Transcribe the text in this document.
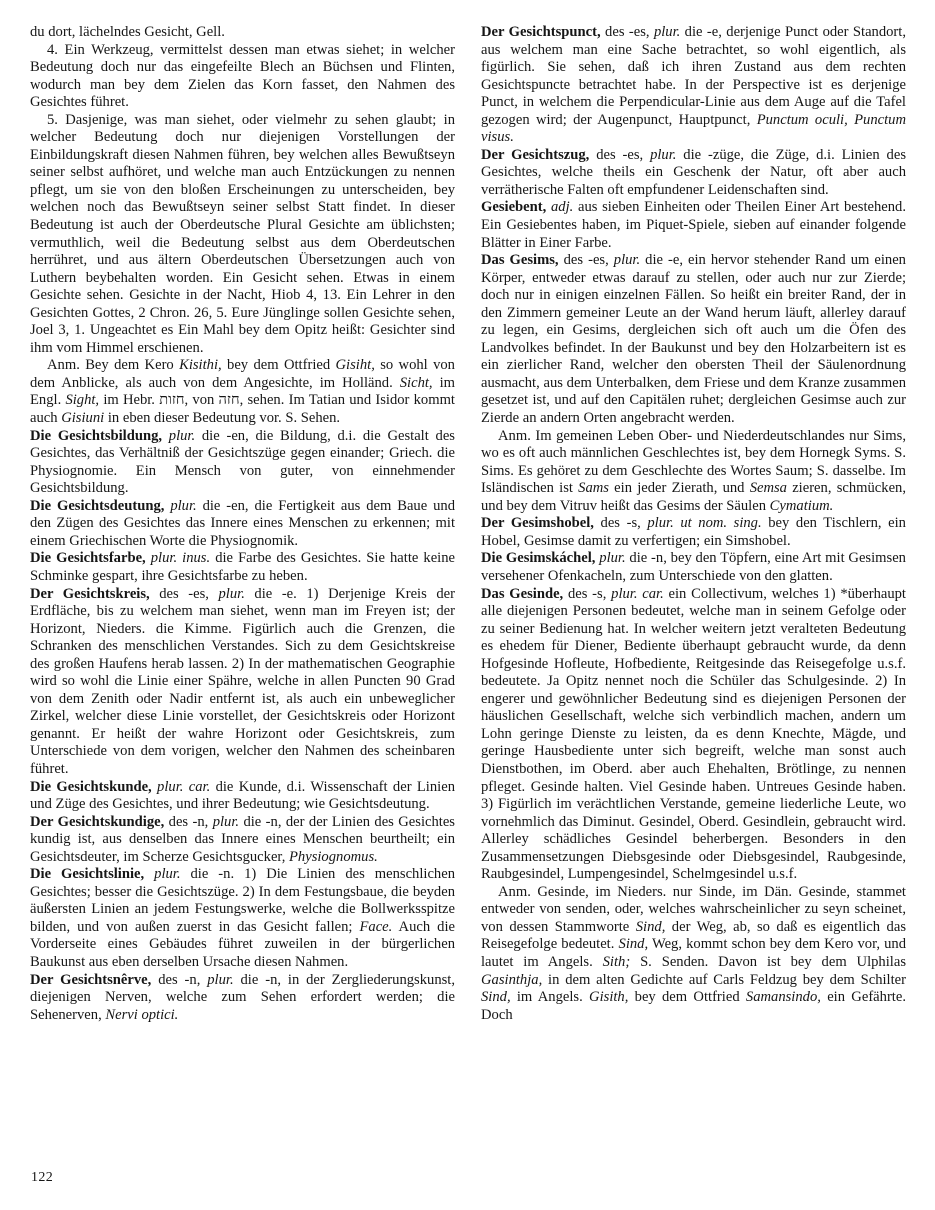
du dort, lächelndes Gesicht, Gell.

4. Ein Werkzeug, vermittelst dessen man etwas siehet; in welcher Bedeutung doch nur das eingefeilte Blech an Büchsen und Flinten, wodurch man bey dem Zielen das Korn fasset, den Nahmen des Gesichtes führet.

5. Dasjenige, was man siehet, oder vielmehr zu sehen glaubt; in welcher Bedeutung doch nur diejenigen Vorstellungen der Einbildungskraft diesen Nahmen führen, bey welchen alles Bewußtseyn seiner selbst aufhöret, und welche man auch Entzückungen zu nennen pflegt, um sie von den bloßen Erscheinungen zu unterscheiden, bey welchen noch das Bewußtseyn seiner selbst Statt findet. In dieser Bedeutung ist auch der Oberdeutsche Plural Gesichte am üblichsten; vermuthlich, weil die Bedeutung selbst aus dem Oberdeutschen herrühret, und aus ältern Oberdeutschen Übersetzungen auch von Luthern beybehalten worden. Ein Gesicht sehen. Etwas in einem Gesichte sehen. Gesichte in der Nacht, Hiob 4, 13. Ein Lehrer in den Gesichten Gottes, 2 Chron. 26, 5. Eure Jünglinge sollen Gesichte sehen, Joel 3, 1. Ungeachtet es Ein Mahl bey dem Opitz heißt: Gesichter sind ihm vom Himmel erschienen.

Anm. Bey dem Kero Kisithi, bey dem Ottfried Gisiht, so wohl von dem Anblicke, als auch von dem Angesichte, im Holländ. Sicht, im Engl. Sight, im Hebr. חזות, von חזה, sehen. Im Tatian und Isidor kommt auch Gisiuni in eben dieser Bedeutung vor. S. Sehen.

Die Gesichtsbildung, plur. die -en, die Bildung, d.i. die Gestalt des Gesichtes, das Verhältniß der Gesichtszüge gegen einander; Griech. die Physiognomie. Ein Mensch von guter, von einnehmender Gesichtsbildung.

Die Gesichtsdeutung, plur. die -en, die Fertigkeit aus dem Baue und den Zügen des Gesichtes das Innere eines Menschen zu erkennen; mit einem Griechischen Worte die Physiognomik.

Die Gesichtsfarbe, plur. inus. die Farbe des Gesichtes. Sie hatte keine Schminke gespart, ihre Gesichtsfarbe zu heben.

Der Gesichtskreis, des -es, plur. die -e. 1) Derjenige Kreis der Erdfläche, bis zu welchem man siehet, wenn man im Freyen ist; der Horizont, Nieders. die Kimme. Figürlich auch die Grenzen, die Schranken des menschlichen Verstandes. Sich zu dem Gesichtskreise des großen Haufens herab lassen. 2) In der mathematischen Geographie wird so wohl die Linie einer Spähre, welche in allen Puncten 90 Grad von dem Zenith oder Nadir entfernt ist, als auch ein unbeweglicher Zirkel, welcher diese Linie vorstellet, der Gesichtskreis oder Horizont genannt. Er heißt der wahre Horizont oder Gesichtskreis, zum Unterschiede von dem vorigen, welcher den Nahmen des scheinbaren führet.

Die Gesichtskunde, plur. car. die Kunde, d.i. Wissenschaft der Linien und Züge des Gesichtes, und ihrer Bedeutung; wie Gesichtsdeutung.

Der Gesichtskundige, des -n, plur. die -n, der der Linien des Gesichtes kundig ist, aus denselben das Innere eines Menschen beurtheilt; ein Gesichtsdeuter, im Scherze Gesichtsgucker, Physiognomus.

Die Gesichtslinie, plur. die -n. 1) Die Linien des menschlichen Gesichtes; besser die Gesichtszüge. 2) In dem Festungsbaue, die beyden äußersten Linien an jedem Festungswerke, welche die Bollwerksspitze bilden, und von außen zuerst in das Gesicht fallen; Face. Auch die Vorderseite eines Gebäudes führet zuweilen in der bürgerlichen Baukunst aus eben derselben Ursache diesen Nahmen.

Der Gesichtsnêrve, des -n, plur. die -n, in der Zergliederungskunst, diejenigen Nerven, welche zum Sehen erfordert werden; die Sehenerven, Nervi optici.

Der Gesichtspunct, des -es, plur. die -e, derjenige Punct oder Standort, aus welchem man eine Sache betrachtet, so wohl eigentlich, als figürlich. Sie sehen, daß ich ihren Zustand aus dem rechten Gesichtspuncte betrachtet habe. In der Perspective ist es derjenige Punct, in welchem die Perpendicular-Linie aus dem Auge auf die Tafel gezogen wird; der Augenpunct, Hauptpunct, Punctum oculi, Punctum visus.

Der Gesichtszug, des -es, plur. die -züge, die Züge, d.i. Linien des Gesichtes, welche theils ein Geschenk der Natur, oft aber auch verrätherische Falten oft empfundener Leidenschaften sind.

Gesiebent, adj. aus sieben Einheiten oder Theilen Einer Art bestehend. Ein Gesiebentes haben, im Piquet-Spiele, sieben auf einander folgende Blätter in Einer Farbe.

Das Gesims, des -es, plur. die -e, ein hervor stehender Rand um einen Körper, entweder etwas darauf zu stellen, oder auch nur zur Zierde; doch nur in einigen einzelnen Fällen. So heißt ein breiter Rand, der in den Zimmern gemeiner Leute an der Wand herum läuft, allerley darauf zu legen, ein Gesims, dergleichen sich oft auch um die Öfen des Landvolkes befindet. In der Baukunst und bey den Holzarbeitern ist es ein zierlicher Rand, welcher den obersten Theil der Säulenordnung ausmacht, aus dem Unterbalken, dem Friese und dem Kranze zusammen gesetzet ist, und auf den Capitälen ruhet; dergleichen Gesimse auch zur Zierde an andern Orten angebracht werden.

Anm. Im gemeinen Leben Ober- und Niederdeutschlandes nur Sims, wo es oft auch männlichen Geschlechtes ist, bey dem Hornegk Syms. S. Sims. Es gehöret zu dem Geschlechte des Wortes Saum; S. dasselbe. Im Isländischen ist Sams ein jeder Zierath, und Semsa zieren, schmücken, und bey dem Vitruv heißt das Gesims der Säulen Cymatium.

Der Gesimshobel, des -s, plur. ut nom. sing. bey den Tischlern, ein Hobel, Gesimse damit zu verfertigen; ein Simshobel.

Die Gesimskáchel, plur. die -n, bey den Töpfern, eine Art mit Gesimsen versehener Ofenkacheln, zum Unterschiede von den glatten.

Das Gesinde, des -s, plur. car. ein Collectivum, welches 1) *überhaupt alle diejenigen Personen bedeutet, welche man in seinem Gefolge oder zu seiner Bedienung hat. In welcher weitern jetzt veralteten Bedeutung es ehedem für Diener, Bediente überhaupt gebraucht wurde, da denn Hofgesinde Hofleute, Hofbediente, Reitgesinde das Reisegefolge u.s.f. bedeutete. Ja Opitz nennet noch die Schüler das Schulgesinde. 2) In engerer und gewöhnlicher Bedeutung sind es diejenigen Personen der häuslichen Gesellschaft, welche sich verbindlich machen, andern um Lohn geringe Dienste zu leisten, da es denn Knechte, Mägde, und geringe Hausbediente unter sich begreift, welche man sonst auch Dienstbothen, im Oberd. aber auch Ehehalten, Brötlinge, zu nennen pfleget. Gesinde halten. Viel Gesinde haben. Untreues Gesinde haben. 3) Figürlich im verächtlichen Verstande, gemeine liederliche Leute, wo vornehmlich das Diminut. Gesindel, Oberd. Gesindlein, gebraucht wird. Allerley schädliches Gesindel beherbergen. Besonders in den Zusammensetzungen Diebsgesinde oder Diebsgesindel, Raubgesinde, Raubgesindel, Lumpengesindel, Schelmgesindel u.s.f.

Anm. Gesinde, im Nieders. nur Sinde, im Dän. Gesinde, stammet entweder von senden, oder, welches wahrscheinlicher zu seyn scheinet, von dessen Stammworte Sind, der Weg, ab, so daß es eigentlich das Reisegefolge bedeutet. Sind, Weg, kommt schon bey dem Kero vor, und lautet im Angels. Sith; S. Senden. Davon ist bey dem Ulphilas Gasinthja, in dem alten Gedichte auf Carls Feldzug bey dem Schilter Sind, im Angels. Gisith, bey dem Ottfried Samansindo, ein Gefährte. Doch

122
